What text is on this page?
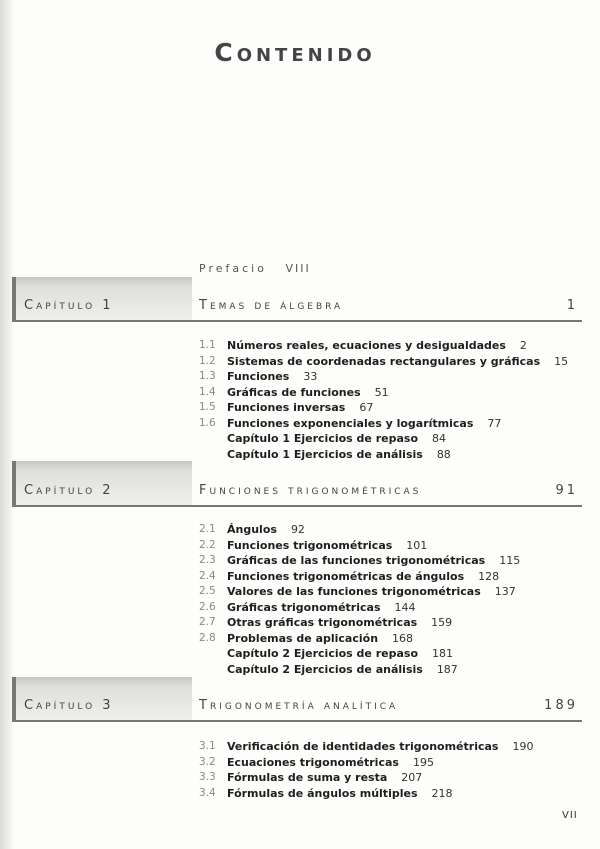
Contenido
Prefacio VIII
Capítulo 1	Temas de álgebra	1
1.1	Números reales, ecuaciones y desigualdades 2
1.2	Sistemas de coordenadas rectangulares y gráficas 15
1.3	Funciones 33
1.4	Gráficas de funciones 51
1.5	Funciones inversas 67
1.6	Funciones exponenciales y logarítmicas 77
Capítulo 1 Ejercicios de repaso 84
Capítulo 1 Ejercicios de análisis 88
Capítulo 2	Funciones trigonométricas	91
2.1	Ángulos 92
2.2	Funciones trigonométricas 101
2.3	Gráficas de las funciones trigonométricas 115
2.4	Funciones trigonométricas de ángulos 128
2.5	Valores de las funciones trigonométricas 137
2.6	Gráficas trigonométricas 144
2.7	Otras gráficas trigonométricas 159
2.8	Problemas de aplicación 168
Capítulo 2 Ejercicios de repaso 181
Capítulo 2 Ejercicios de análisis 187
Capítulo 3	Trigonometría analítica	189
3.1	Verificación de identidades trigonométricas 190
3.2	Ecuaciones trigonométricas 195
3.3	Fórmulas de suma y resta 207
3.4	Fórmulas de ángulos múltiples 218
VII
